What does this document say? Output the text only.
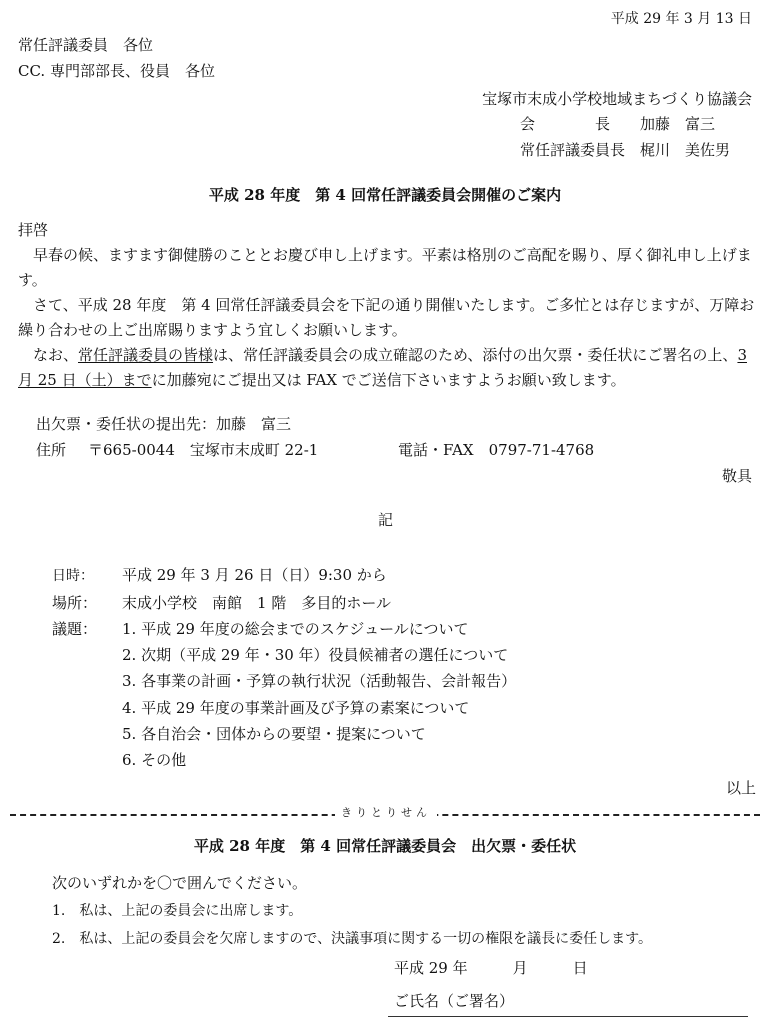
平成 29 年 3 月 13 日
常任評議委員　各位
CC. 専門部部長、役員　各位
宝塚市末成小学校地域まちづくり協議会
会　　　　長 加藤　富三
常任評議委員長 梶川　美佐男
平成 28 年度　第 4 回常任評議委員会開催のご案内
拝啓

早春の候、ますます御健勝のこととお慶び申し上げます。平素は格別のご高配を賜り、厚く御礼申し上げます。

さて、平成 28 年度　第 4 回常任評議委員会を下記の通り開催いたします。ご多忙とは存じますが、万障お繰り合わせの上ご出席賜りますよう宜しくお願いします。

なお、常任評議委員の皆様は、常任評議委員会の成立確認のため、添付の出欠票・委任状にご署名の上、3 月 25 日（土）までに加藤宛にご提出又は FAX でご送信下さいますようお願い致します。

出欠票・委任状の提出先：加藤　富三
住所 〒665-0044　宝塚市末成町 22-1	電話・FAX　0797-71-4768
敬具
記
日時： 平成 29 年 3 月 26 日（日）9:30 から
場所： 末成小学校　南館　1 階　多目的ホール
議題： 1. 平成 29 年度の総会までのスケジュールについて
2. 次期（平成 29 年・30 年）役員候補者の選任について
3. 各事業の計画・予算の執行状況（活動報告、会計報告）
4. 平成 29 年度の事業計画及び予算の素案について
5. 各自治会・団体からの要望・提案について
6. その他
以上
きりとりせん
平成 28 年度　第 4 回常任評議委員会　出欠票・委任状
次のいずれかを〇で囲んでください。
1.　私は、上記の委員会に出席します。
2.　私は、上記の委員会を欠席しますので、決議事項に関する一切の権限を議長に委任します。
平成 29 年　　　月　　　日
ご氏名（ご署名）
